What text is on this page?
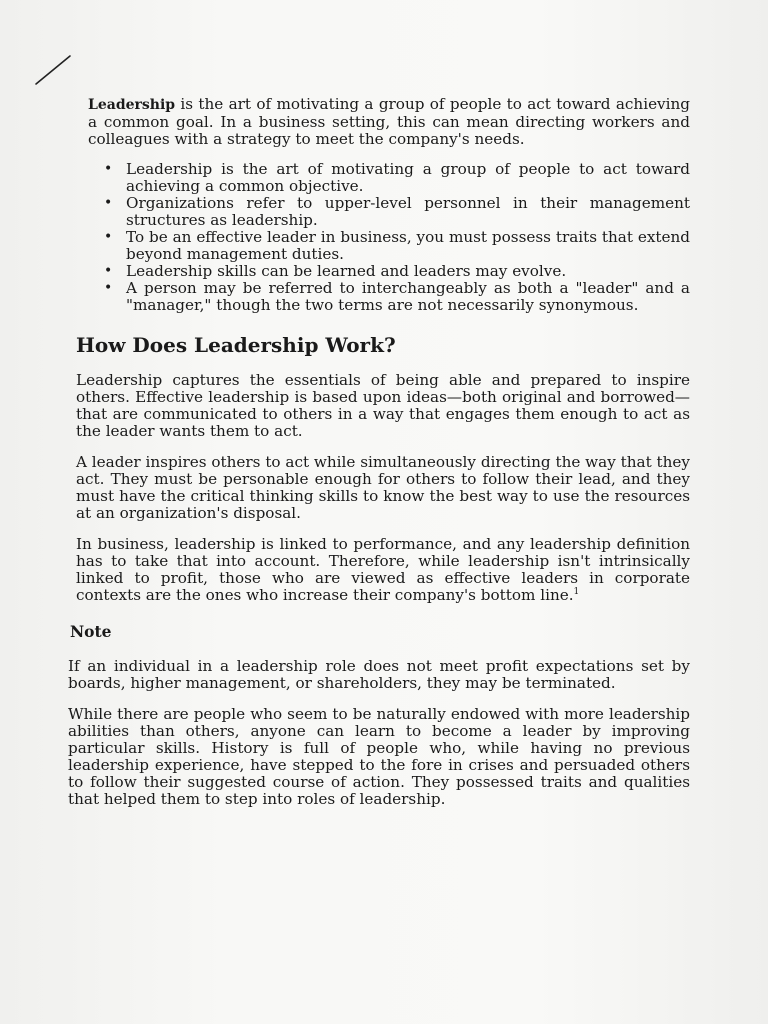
Leadership is the art of motivating a group of people to act toward achieving a common goal. In a business setting, this can mean directing workers and colleagues with a strategy to meet the company's needs.

• Leadership is the art of motivating a group of people to act toward achieving a common objective.
• Organizations refer to upper-level personnel in their management structures as leadership.
• To be an effective leader in business, you must possess traits that extend beyond management duties.
• Leadership skills can be learned and leaders may evolve.
• A person may be referred to interchangeably as both a "leader" and a "manager," though the two terms are not necessarily synonymous.
How Does Leadership Work?

Leadership captures the essentials of being able and prepared to inspire others. Effective leadership is based upon ideas—both original and borrowed—that are communicated to others in a way that engages them enough to act as the leader wants them to act.

A leader inspires others to act while simultaneously directing the way that they act. They must be personable enough for others to follow their lead, and they must have the critical thinking skills to know the best way to use the resources at an organization's disposal.

In business, leadership is linked to performance, and any leadership definition has to take that into account. Therefore, while leadership isn't intrinsically linked to profit, those who are viewed as effective leaders in corporate contexts are the ones who increase their company's bottom line.$^1$

Note

If an individual in a leadership role does not meet profit expectations set by boards, higher management, or shareholders, they may be terminated.

While there are people who seem to be naturally endowed with more leadership abilities than others, anyone can learn to become a leader by improving particular skills. History is full of people who, while having no previous leadership experience, have stepped to the fore in crises and persuaded others to follow their suggested course of action. They possessed traits and qualities that helped them to step into roles of leadership.
